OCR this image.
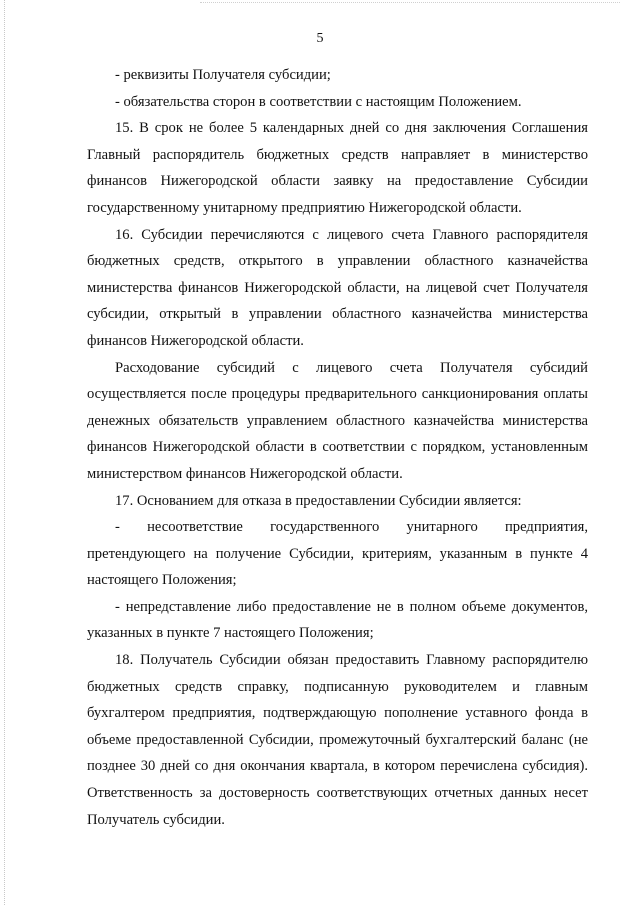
5

- реквизиты Получателя субсидии;

- обязательства сторон в соответствии с настоящим Положением.

15. В срок не более 5 календарных дней со дня заключения Соглашения Главный распорядитель бюджетных средств направляет в министерство финансов Нижегородской области заявку на предоставление Субсидии государственному унитарному предприятию Нижегородской области.

16. Субсидии перечисляются с лицевого счета Главного распорядителя бюджетных средств, открытого в управлении областного казначейства министерства финансов Нижегородской области, на лицевой счет Получателя субсидии, открытый в управлении областного казначейства министерства финансов Нижегородской области.

Расходование субсидий с лицевого счета Получателя субсидий осуществляется после процедуры предварительного санкционирования оплаты денежных обязательств управлением областного казначейства министерства финансов Нижегородской области в соответствии с порядком, установленным министерством финансов Нижегородской области.

17. Основанием для отказа в предоставлении Субсидии является:

- несоответствие государственного унитарного предприятия, претендующего на получение Субсидии, критериям, указанным в пункте 4 настоящего Положения;

- непредставление либо предоставление не в полном объеме документов, указанных в пункте 7 настоящего Положения;

18. Получатель Субсидии обязан предоставить Главному распорядителю бюджетных средств справку, подписанную руководителем и главным бухгалтером предприятия, подтверждающую пополнение уставного фонда в объеме предоставленной Субсидии, промежуточный бухгалтерский баланс (не позднее 30 дней со дня окончания квартала, в котором перечислена субсидия). Ответственность за достоверность соответствующих отчетных данных несет Получатель субсидии.
